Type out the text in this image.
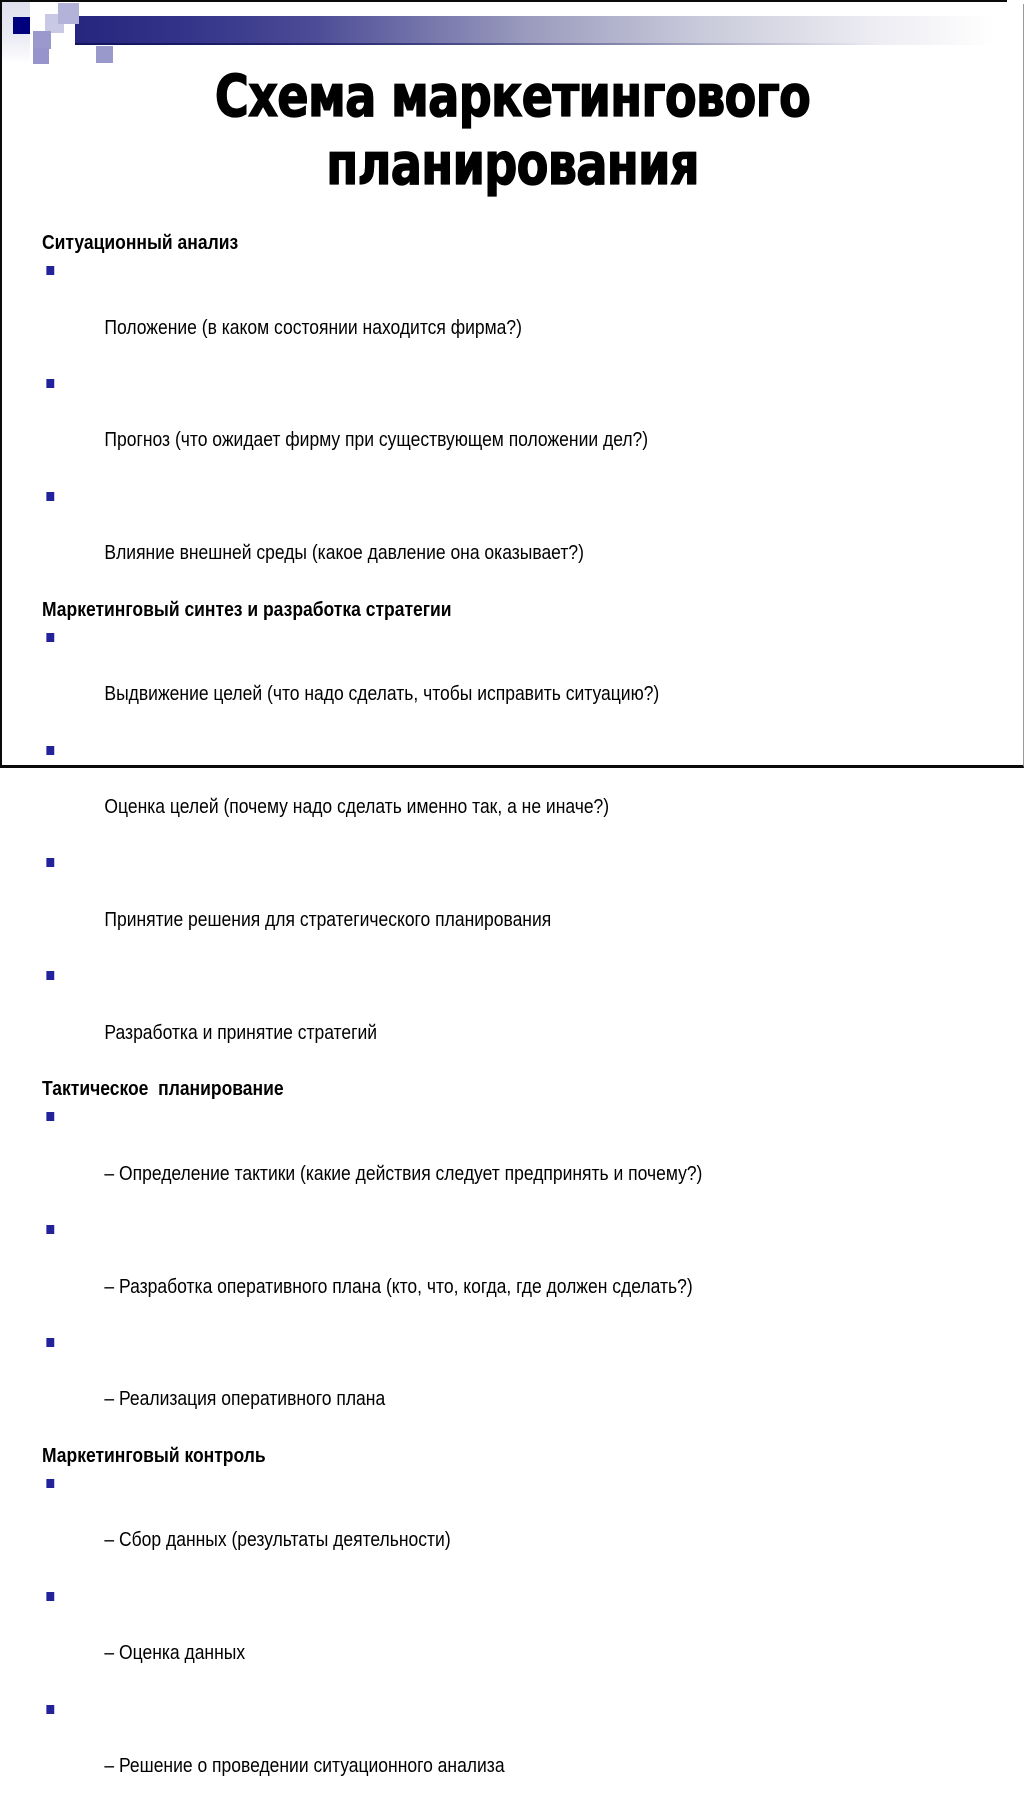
Схема маркетингового
планирования
Ситуационный анализ

Положение (в каком состоянии находится фирма?)

Прогноз (что ожидает фирму при существующем положении дел?)

Влияние внешней среды (какое давление она оказывает?)

Маркетинговый синтез и разработка стратегии

Выдвижение целей (что надо сделать, чтобы исправить ситуацию?)

Оценка целей (почему надо сделать именно так, а не иначе?)

Принятие решения для стратегического планирования

Разработка и принятие стратегий

Тактическое  планирование

– Определение тактики (какие действия следует предпринять и почему?)

– Разработка оперативного плана (кто, что, когда, где должен сделать?)

– Реализация оперативного плана

Маркетинговый контроль

– Сбор данных (результаты деятельности)

– Оценка данных

– Решение о проведении ситуационного анализа
